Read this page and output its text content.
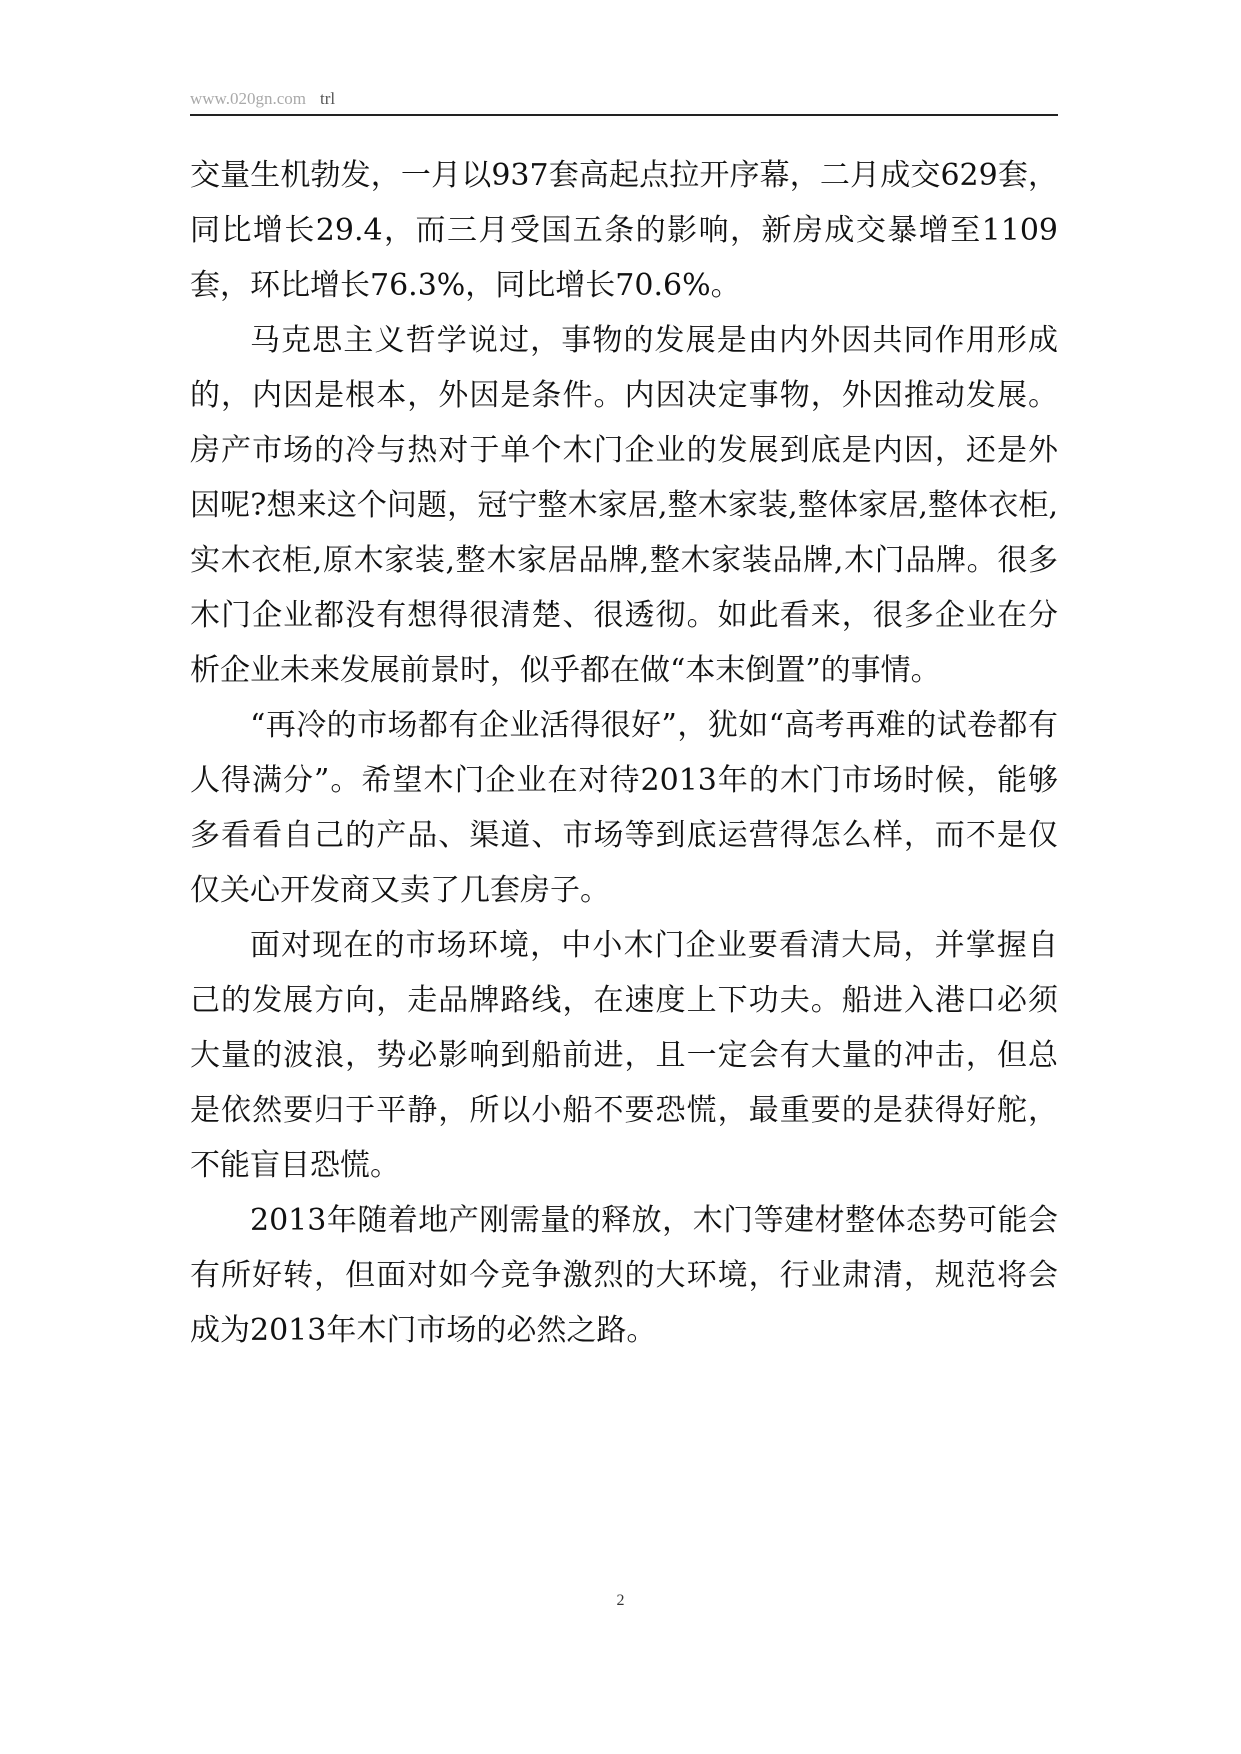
www.020gn.com trl

交量生机勃发，一月以937套高起点拉开序幕，二月成交629套，同比增长29.4，而三月受国五条的影响，新房成交暴增至1109套，环比增长76.3%，同比增长70.6%。

马克思主义哲学说过，事物的发展是由内外因共同作用形成的，内因是根本，外因是条件。内因决定事物，外因推动发展。房产市场的冷与热对于单个木门企业的发展到底是内因，还是外因呢?想来这个问题，冠宁整木家居,整木家装,整体家居,整体衣柜,实木衣柜,原木家装,整木家居品牌,整木家装品牌,木门品牌。很多木门企业都没有想得很清楚、很透彻。如此看来，很多企业在分析企业未来发展前景时，似乎都在做“本末倒置”的事情。

“再冷的市场都有企业活得很好”，犹如“高考再难的试卷都有人得满分”。希望木门企业在对待2013年的木门市场时候，能够多看看自己的产品、渠道、市场等到底运营得怎么样，而不是仅仅关心开发商又卖了几套房子。

面对现在的市场环境，中小木门企业要看清大局，并掌握自己的发展方向，走品牌路线，在速度上下功夫。船进入港口必须大量的波浪，势必影响到船前进，且一定会有大量的冲击，但总是依然要归于平静，所以小船不要恐慌，最重要的是获得好舵，不能盲目恐慌。

2013年随着地产刚需量的释放，木门等建材整体态势可能会有所好转，但面对如今竞争激烈的大环境，行业肃清，规范将会成为2013年木门市场的必然之路。

2
